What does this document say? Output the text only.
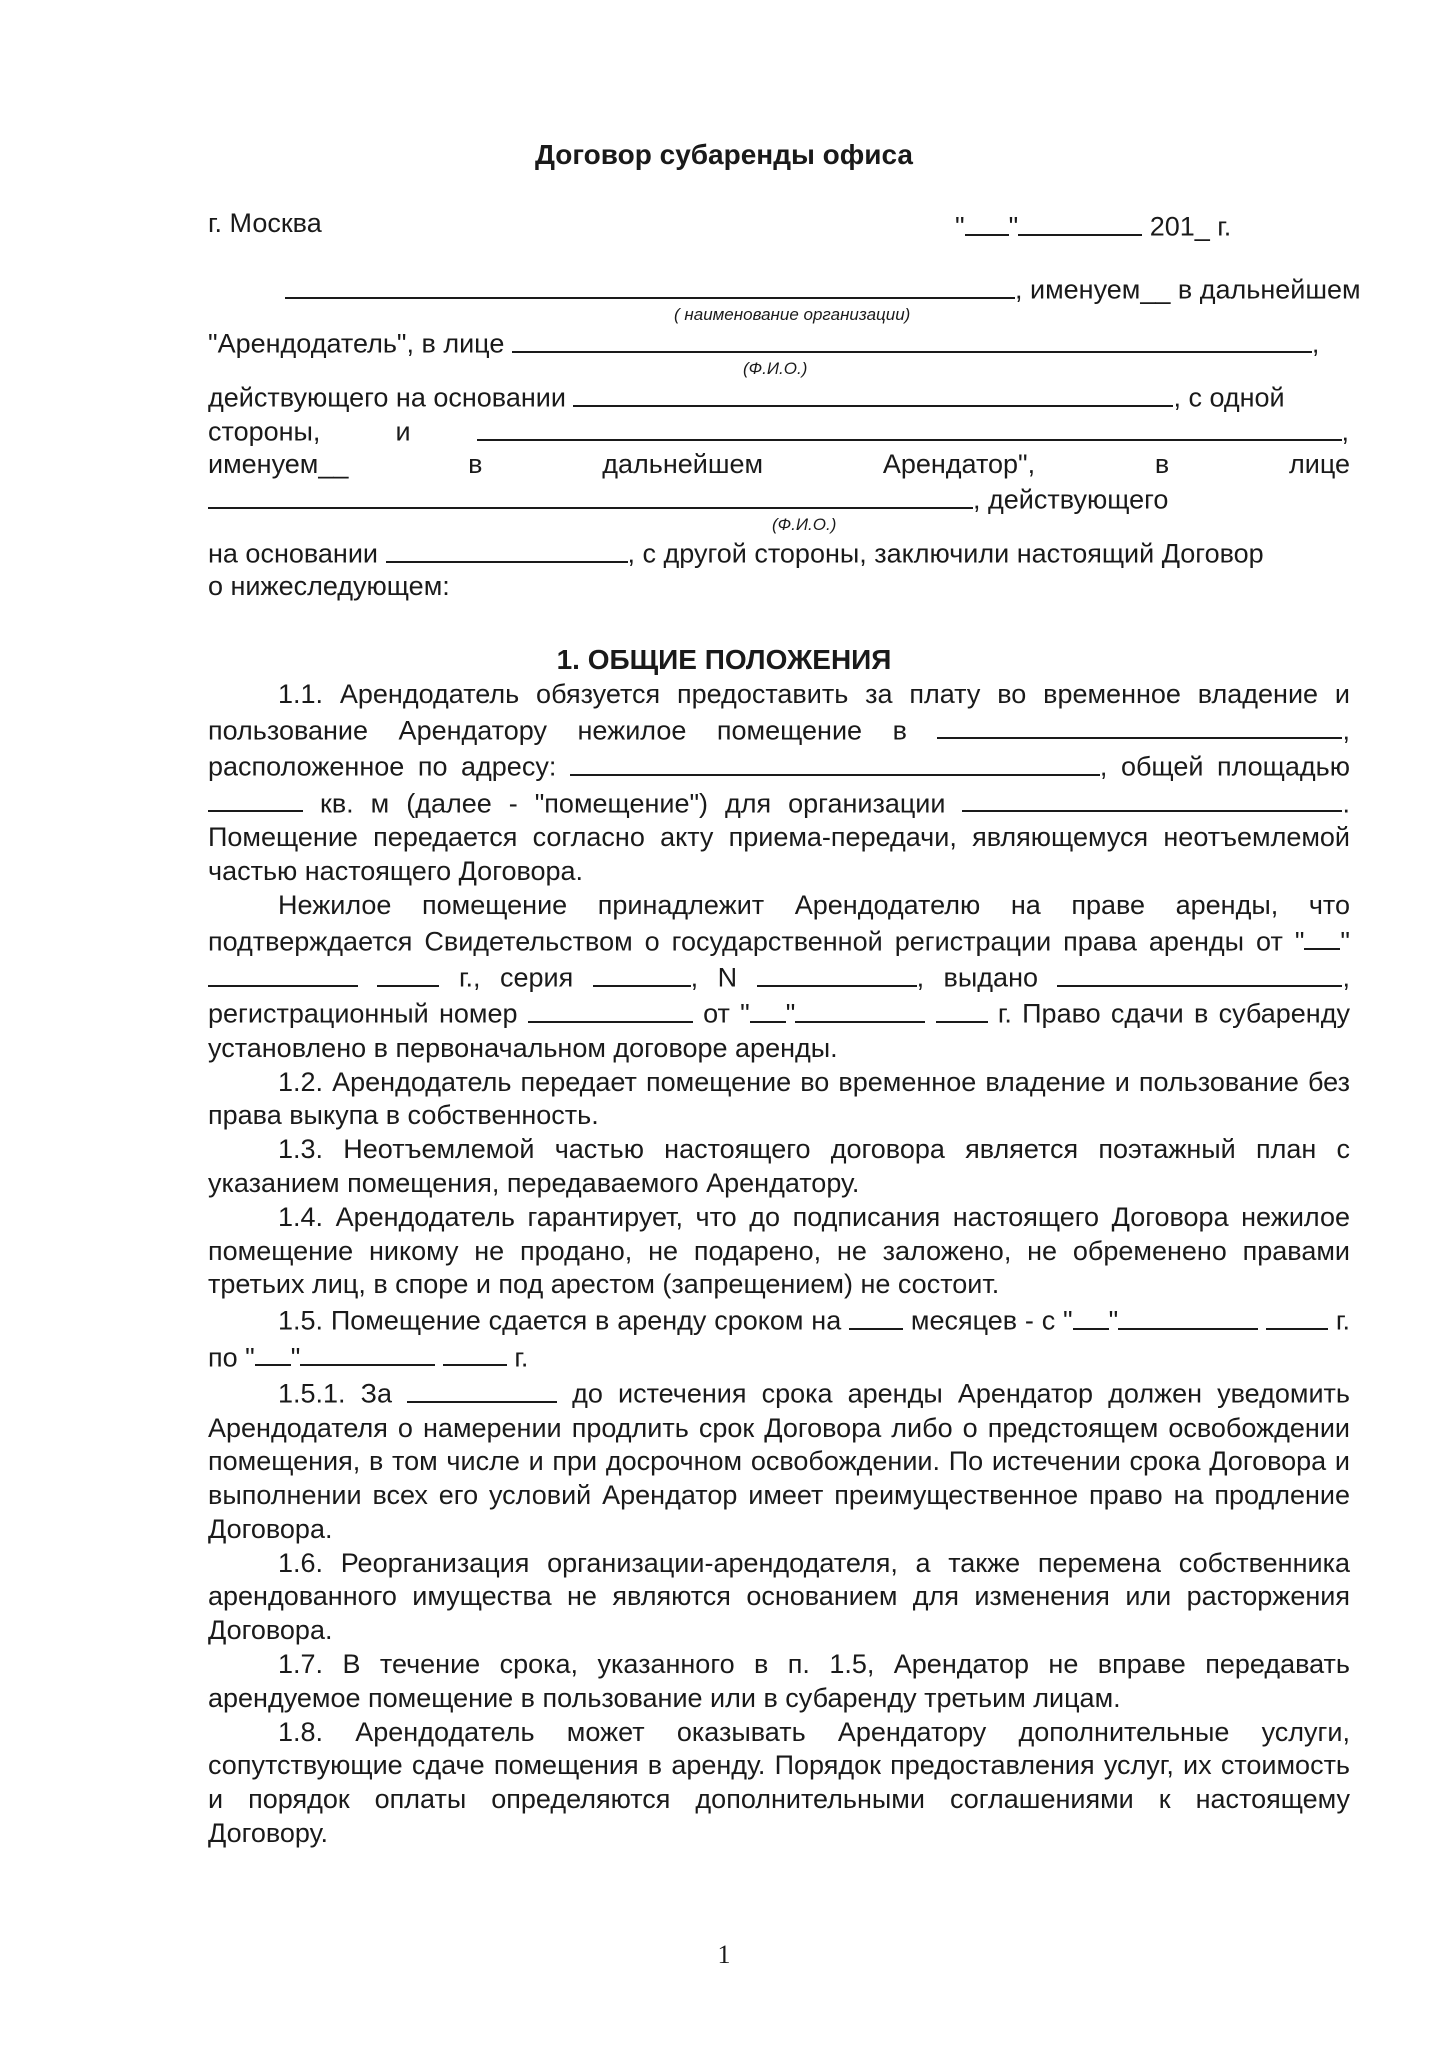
Договор субаренды офиса
г. Москва	" "	201_ г.
, именуем__ в дальнейшем
( наименование организации)
"Арендодатель", в лице	,
(Ф.И.О.)
действующего на основании	, с одной
стороны,	и	,
именуем__	в	дальнейшем	Арендатор",	в	лице
, действующего
(Ф.И.О.)
на основании	, с другой стороны, заключили настоящий Договор
о нижеследующем:
1. ОБЩИЕ ПОЛОЖЕНИЯ

1.1. Арендодатель обязуется предоставить за плату во временное владение и пользование Арендатору нежилое помещение в	, расположенное по адресу:	, общей площадью  кв. м (далее - "помещение") для организации	. Помещение передается согласно акту приема-передачи, являющемуся неотъемлемой частью настоящего Договора.

Нежилое помещение принадлежит Арендодателю на праве аренды, что подтверждается Свидетельством о государственной регистрации права аренды от " "  г., серия	, N	, выдано	, регистрационный номер	от " "	г. Право сдачи в субаренду установлено в первоначальном договоре аренды.

1.2. Арендодатель передает помещение во временное владение и пользование без права выкупа в собственность.

1.3. Неотъемлемой частью настоящего договора является поэтажный план с указанием помещения, передаваемого Арендатору.

1.4. Арендодатель гарантирует, что до подписания настоящего Договора нежилое помещение никому не продано, не подарено, не заложено, не обременено правами третьих лиц, в споре и под арестом (запрещением) не состоит.

1.5. Помещение сдается в аренду сроком на	месяцев - с " "	г. по " "	г.

1.5.1. За	до истечения срока аренды Арендатор должен уведомить Арендодателя о намерении продлить срок Договора либо о предстоящем освобождении помещения, в том числе и при досрочном освобождении. По истечении срока Договора и выполнении всех его условий Арендатор имеет преимущественное право на продление Договора.

1.6. Реорганизация организации-арендодателя, а также перемена собственника арендованного имущества не являются основанием для изменения или расторжения Договора.

1.7. В течение срока, указанного в п. 1.5, Арендатор не вправе передавать арендуемое помещение в пользование или в субаренду третьим лицам.

1.8. Арендодатель может оказывать Арендатору дополнительные услуги, сопутствующие сдаче помещения в аренду. Порядок предоставления услуг, их стоимость и порядок оплаты определяются дополнительными соглашениями к настоящему Договору.

1
